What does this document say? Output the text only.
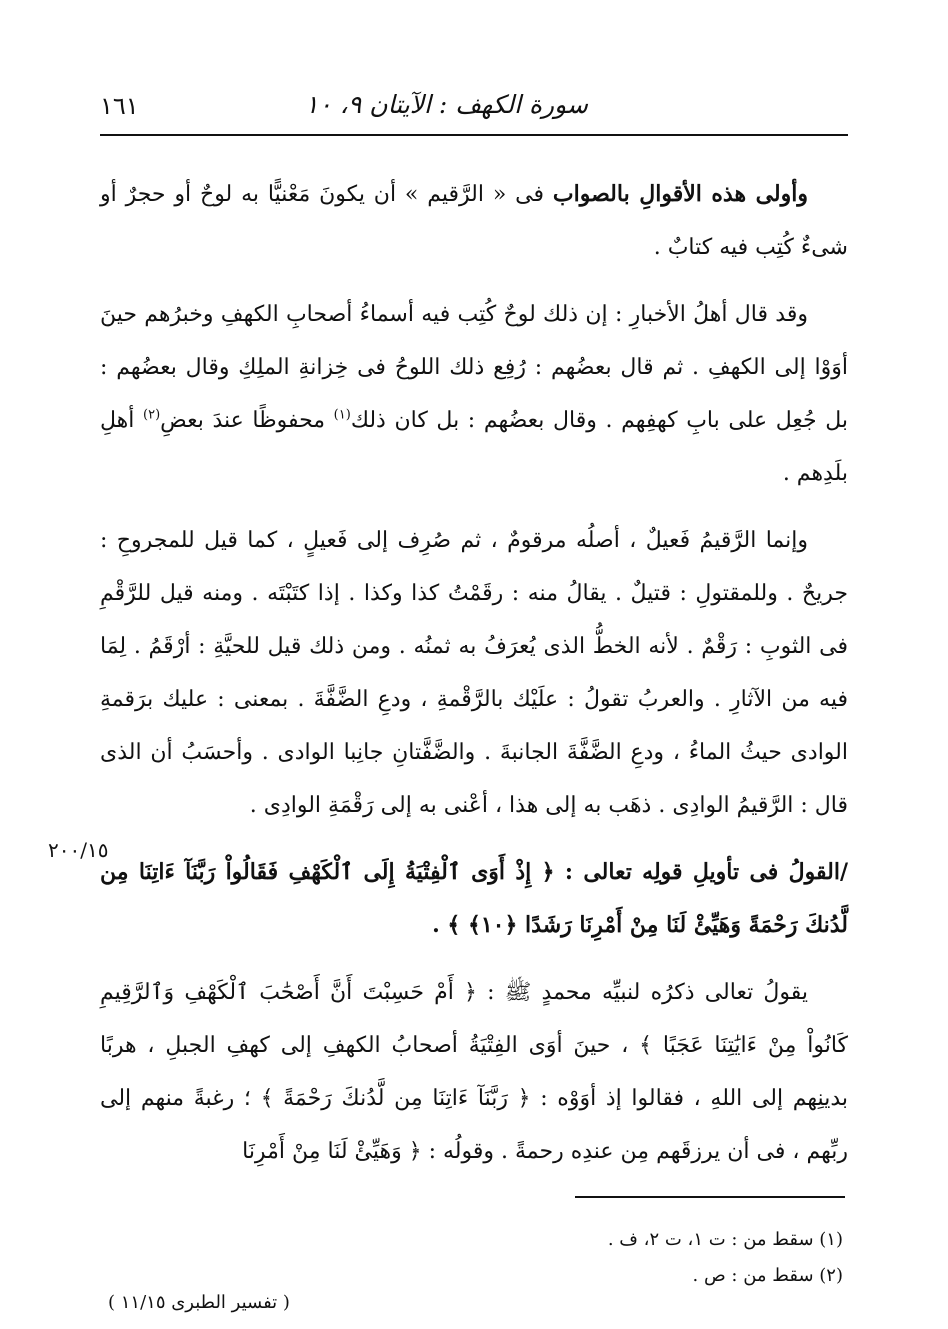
سورة الكهف : الآيتان ٩، ١٠
١٦١

وأولى هذه الأقوالِ بالصواب فى « الرَّقيم » أن يكونَ مَعْنيًّا به لوحٌ أو حجرٌ أو شىءٌ كُتِب فيه كتابٌ .

وقد قال أهلُ الأخبارِ : إن ذلك لوحٌ كُتِب فيه أسماءُ أصحابِ الكهفِ وخبرُهم حينَ أوَوْا إلى الكهفِ . ثم قال بعضُهم : رُفِع ذلك اللوحُ فى خِزانةِ الملِكِ وقال بعضُهم : بل جُعِل على بابِ كهفِهم . وقال بعضُهم : بل كان ذلك$^{(١)}$ محفوظًا عندَ بعضِ$^{(٢)}$ أهلِ بلَدِهم .

وإنما الرَّقيمُ فَعيلٌ ، أصلُه مرقومٌ ، ثم صُرِف إلى فَعيلٍ ، كما قيل للمجروحِ : جريحٌ . وللمقتولِ : قتيلٌ . يقالُ منه : رقَمْتُ كذا وكذا . إذا كتَبْتَه . ومنه قيل للرَّقْمِ فى الثوبِ : رَقْمٌ . لأنه الخطُّ الذى يُعرَفُ به ثمنُه . ومن ذلك قيل للحيَّةِ : أرْقَمُ . لِمَا فيه من الآثارِ . والعربُ تقولُ : علَيْك بالرَّقْمةِ ، ودعِ الضَّفَّةَ . بمعنى : عليك برَقمةِ الوادى حيثُ الماءُ ، ودعِ الضَّفَّةَ الجانبةَ . والضَّفَّتانِ جانِبا الوادى . وأحسَبُ أن الذى قال : الرَّقيمُ الوادِى . ذهَب به إلى هذا ، أعْنى به إلى رَقْمَةِ الوادِى .

/القولُ فى تأويلِ قولِه تعالى : ﴿ إِذْ أَوَى ٱلْفِتْيَةُ إِلَى ٱلْكَهْفِ فَقَالُواْ رَبَّنَآ ءَاتِنَا مِن لَّدُنكَ رَحْمَةً وَهَيِّئْ لَنَا مِنْ أَمْرِنَا رَشَدًا ﴿١٠﴾ ﴾ .

يقولُ تعالى ذكرُه لنبيِّه محمدٍ ﷺ : ﴿ أَمْ حَسِبْتَ أَنَّ أَصْحَٰبَ ٱلْكَهْفِ وَٱلرَّقِيمِ كَانُواْ مِنْ ءَايَٰتِنَا عَجَبًا ﴾ ، حينَ أوَى الفِتْيَةُ أصحابُ الكهفِ إلى كهفِ الجبلِ ، هربًا بدينِهم إلى اللهِ ، فقالوا إذ أوَوْه : ﴿ رَبَّنَآ ءَاتِنَا مِن لَّدُنكَ رَحْمَةً ﴾ ؛ رغبةً منهم إلى ربِّهم ، فى أن يرزقَهم مِن عندِه رحمةً . وقولُه : ﴿ وَهَيِّئْ لَنَا مِنْ أَمْرِنَا

٢٠٠/١٥

(١) سقط من : ت ١، ت ٢، ف .

(٢) سقط من : ص .

( تفسير الطبرى ١١/١٥ )
